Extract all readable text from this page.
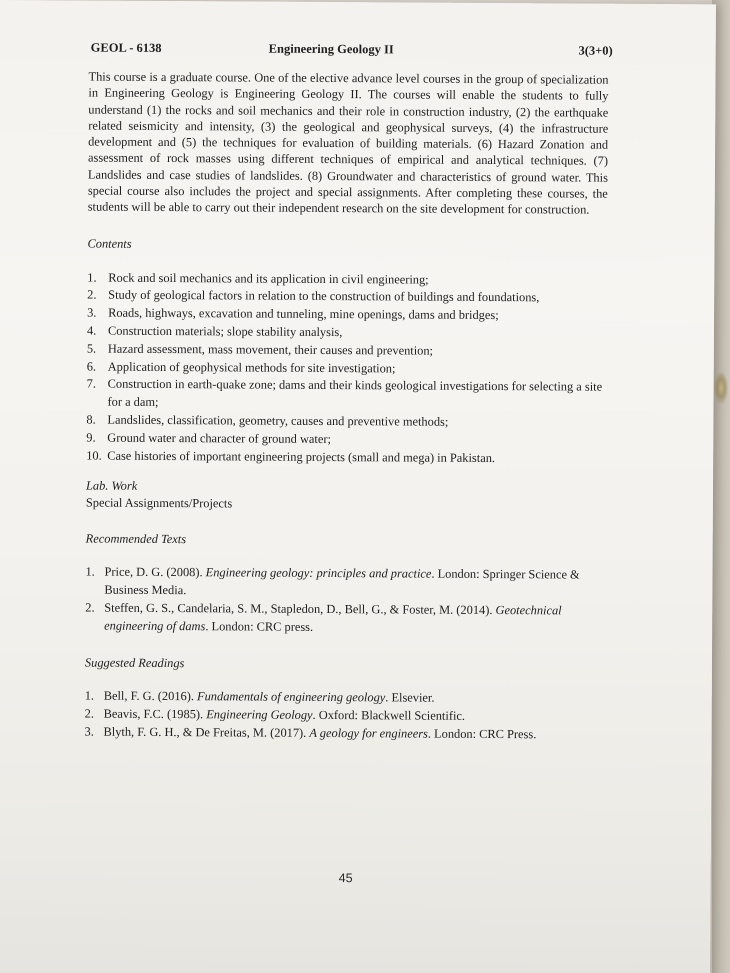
GEOL - 6138	Engineering Geology II	3(3+0)

This course is a graduate course. One of the elective advance level courses in the group of specialization in Engineering Geology is Engineering Geology II. The courses will enable the students to fully understand (1) the rocks and soil mechanics and their role in construction industry, (2) the earthquake related seismicity and intensity, (3) the geological and geophysical surveys, (4) the infrastructure development and (5) the techniques for evaluation of building materials. (6) Hazard Zonation and assessment of rock masses using different techniques of empirical and analytical techniques. (7) Landslides and case studies of landslides. (8) Groundwater and characteristics of ground water. This special course also includes the project and special assignments. After completing these courses, the students will be able to carry out their independent research on the site development for construction.

Contents
1. Rock and soil mechanics and its application in civil engineering;
2. Study of geological factors in relation to the construction of buildings and foundations,
3. Roads, highways, excavation and tunneling, mine openings, dams and bridges;
4. Construction materials; slope stability analysis,
5. Hazard assessment, mass movement, their causes and prevention;
6. Application of geophysical methods for site investigation;
7. Construction in earth-quake zone; dams and their kinds geological investigations for selecting a site for a dam;
8. Landslides, classification, geometry, causes and preventive methods;
9. Ground water and character of ground water;
10. Case histories of important engineering projects (small and mega) in Pakistan.
Lab. Work
Special Assignments/Projects
Recommended Texts
1. Price, D. G. (2008). Engineering geology: principles and practice. London: Springer Science & Business Media.
2. Steffen, G. S., Candelaria, S. M., Stapledon, D., Bell, G., & Foster, M. (2014). Geotechnical engineering of dams. London: CRC press.
Suggested Readings
1. Bell, F. G. (2016). Fundamentals of engineering geology. Elsevier.
2. Beavis, F.C. (1985). Engineering Geology. Oxford: Blackwell Scientific.
3. Blyth, F. G. H., & De Freitas, M. (2017). A geology for engineers. London: CRC Press.
45
